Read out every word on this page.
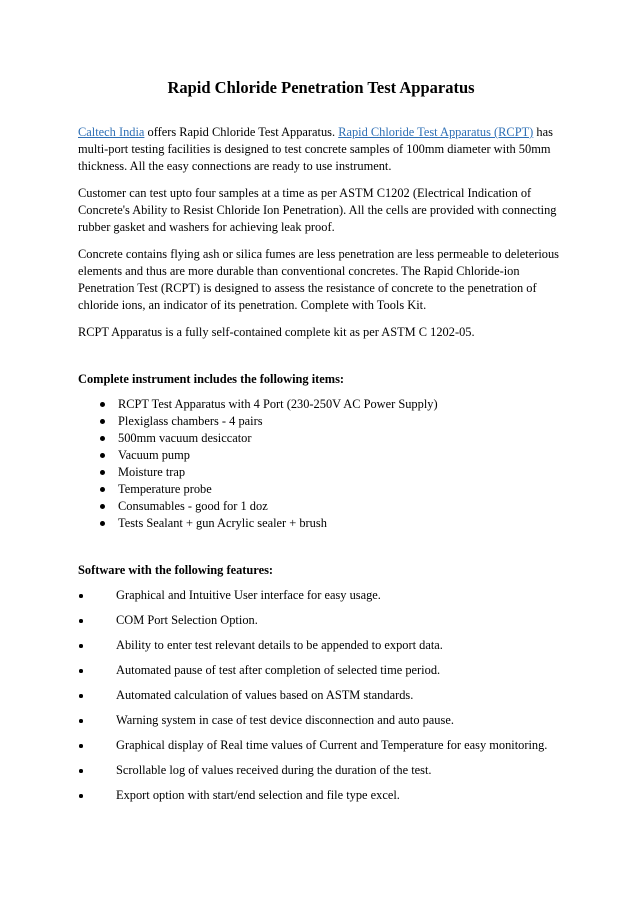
Rapid Chloride Penetration Test Apparatus

Caltech India offers Rapid Chloride Test Apparatus. Rapid Chloride Test Apparatus (RCPT) has multi-port testing facilities is designed to test concrete samples of 100mm diameter with 50mm thickness. All the easy connections are ready to use instrument.

Customer can test upto four samples at a time as per ASTM C1202 (Electrical Indication of Concrete's Ability to Resist Chloride Ion Penetration). All the cells are provided with connecting rubber gasket and washers for achieving leak proof.

Concrete contains flying ash or silica fumes are less penetration are less permeable to deleterious elements and thus are more durable than conventional concretes. The Rapid Chloride-ion Penetration Test (RCPT) is designed to assess the resistance of concrete to the penetration of chloride ions, an indicator of its penetration. Complete with Tools Kit.

RCPT Apparatus is a fully self-contained complete kit as per ASTM C 1202-05.

Complete instrument includes the following items:
RCPT Test Apparatus with 4 Port (230-250V AC Power Supply)
Plexiglass chambers - 4 pairs
500mm vacuum desiccator
Vacuum pump
Moisture trap
Temperature probe
Consumables - good for 1 doz
Tests Sealant + gun Acrylic sealer + brush
Software with the following features:
Graphical and Intuitive User interface for easy usage.
COM Port Selection Option.
Ability to enter test relevant details to be appended to export data.
Automated pause of test after completion of selected time period.
Automated calculation of values based on ASTM standards.
Warning system in case of test device disconnection and auto pause.
Graphical display of Real time values of Current and Temperature for easy monitoring.
Scrollable log of values received during the duration of the test.
Export option with start/end selection and file type excel.
